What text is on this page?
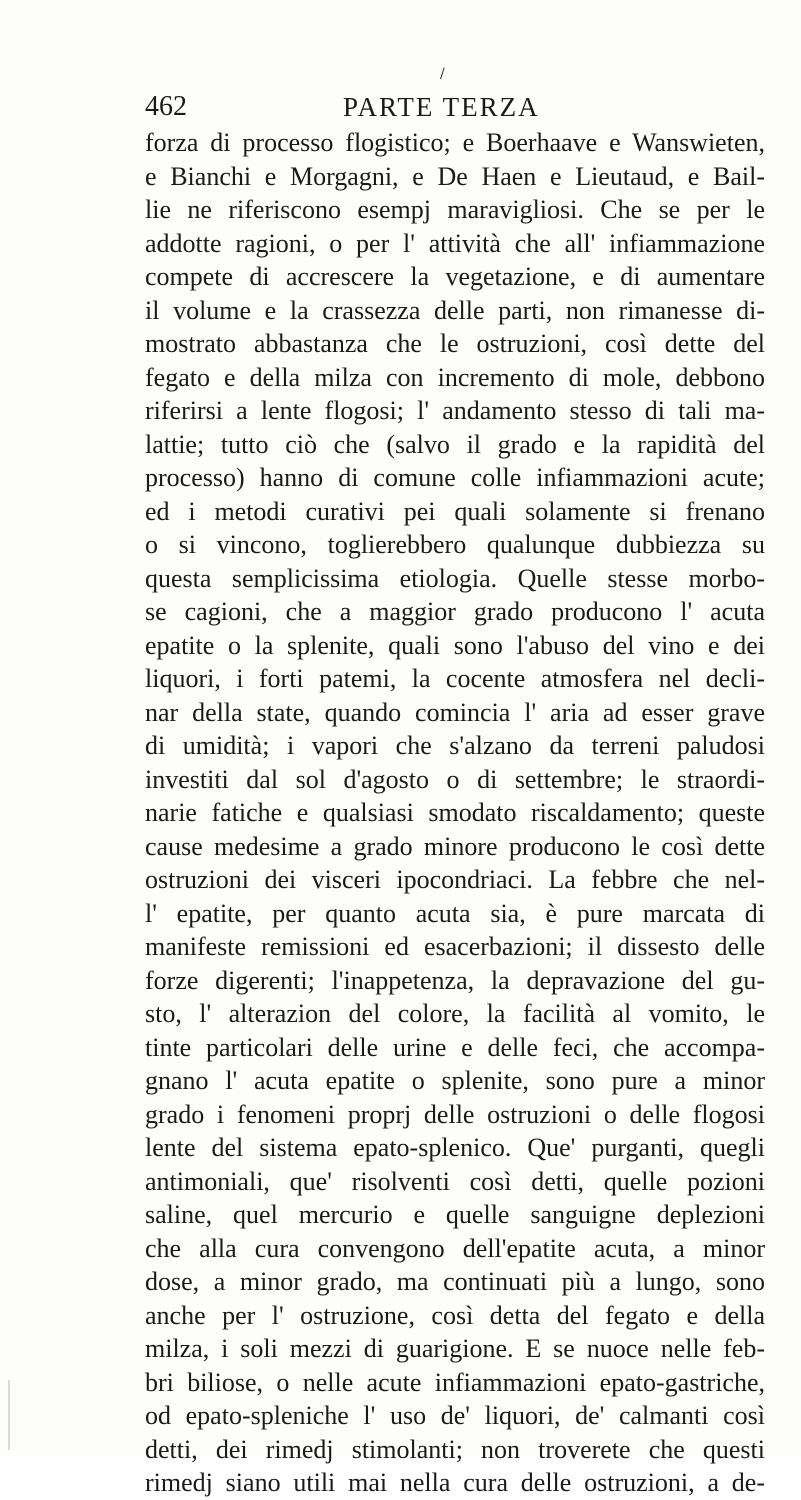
/
462	PARTE TERZA
forza di processo flogistico; e Boerhaave e Wanswieten,
e Bianchi e Morgagni, e De Haen e Lieutaud, e Bail-
lie ne riferiscono esempj maravigliosi. Che se per le
addotte ragioni, o per l' attività che all' infiammazione
compete di accrescere la vegetazione, e di aumentare
il volume e la crassezza delle parti, non rimanesse di-
mostrato abbastanza che le ostruzioni, così dette del
fegato e della milza con incremento di mole, debbono
riferirsi a lente flogosi; l' andamento stesso di tali ma-
lattie; tutto ciò che (salvo il grado e la rapidità del
processo) hanno di comune colle infiammazioni acute;
ed i metodi curativi pei quali solamente si frenano
o si vincono, toglierebbero qualunque dubbiezza su
questa semplicissima etiologia. Quelle stesse morbo-
se cagioni, che a maggior grado producono l' acuta
epatite o la splenite, quali sono l'abuso del vino e dei
liquori, i forti patemi, la cocente atmosfera nel decli-
nar della state, quando comincia l' aria ad esser grave
di umidità; i vapori che s'alzano da terreni paludosi
investiti dal sol d'agosto o di settembre; le straordi-
narie fatiche e qualsiasi smodato riscaldamento; queste
cause medesime a grado minore producono le così dette
ostruzioni dei visceri ipocondriaci. La febbre che nel-
l' epatite, per quanto acuta sia, è pure marcata di
manifeste remissioni ed esacerbazioni; il dissesto delle
forze digerenti; l'inappetenza, la depravazione del gu-
sto, l' alterazion del colore, la facilità al vomito, le
tinte particolari delle urine e delle feci, che accompa-
gnano l' acuta epatite o splenite, sono pure a minor
grado i fenomeni proprj delle ostruzioni o delle flogosi
lente del sistema epato-splenico. Que' purganti, quegli
antimoniali, que' risolventi così detti, quelle pozioni
saline, quel mercurio e quelle sanguigne deplezioni
che alla cura convengono dell'epatite acuta, a minor
dose, a minor grado, ma continuati più a lungo, sono
anche per l' ostruzione, così detta del fegato e della
milza, i soli mezzi di guarigione. E se nuoce nelle feb-
bri biliose, o nelle acute infiammazioni epato-gastriche,
od epato-spleniche l' uso de' liquori, de' calmanti così
detti, dei rimedj stimolanti; non troverete che questi
rimedj siano utili mai nella cura delle ostruzioni, a de-
